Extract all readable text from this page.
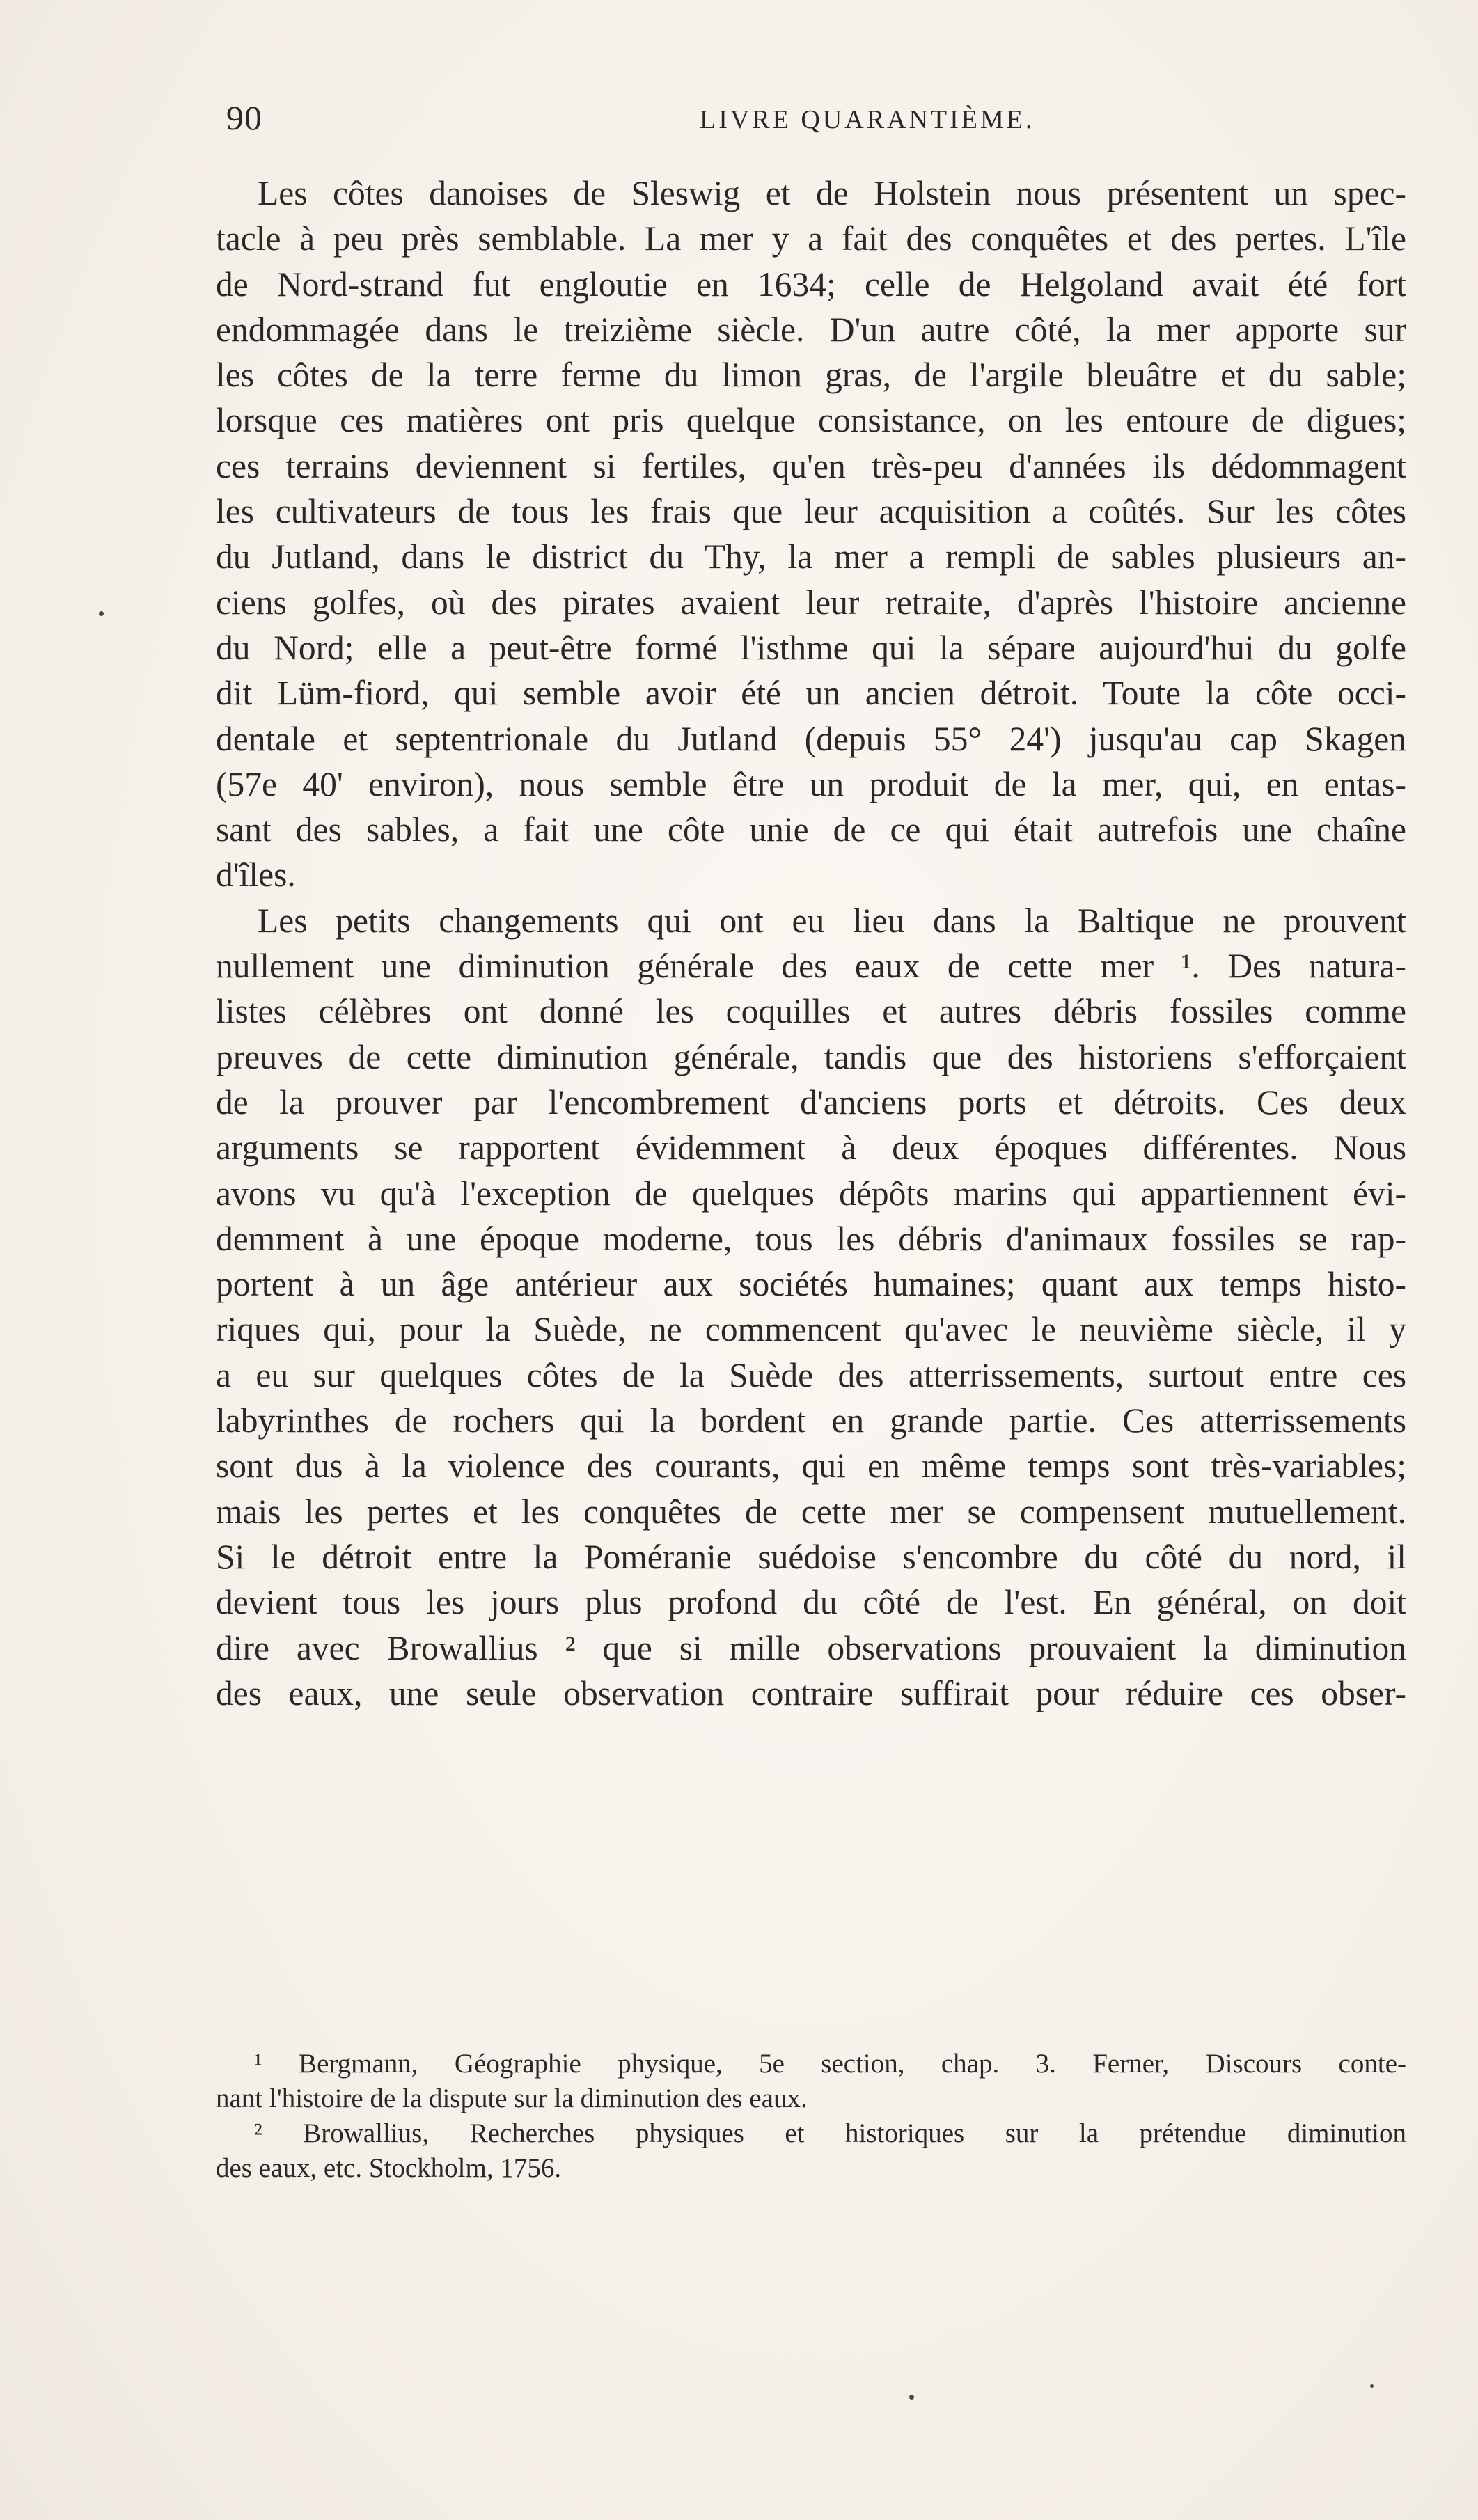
90	LIVRE QUARANTIÈME.
Les côtes danoises de Sleswig et de Holstein nous présentent un spec-
tacle à peu près semblable. La mer y a fait des conquêtes et des pertes. L'île
de Nord-strand fut engloutie en 1634; celle de Helgoland avait été fort
endommagée dans le treizième siècle. D'un autre côté, la mer apporte sur
les côtes de la terre ferme du limon gras, de l'argile bleuâtre et du sable;
lorsque ces matières ont pris quelque consistance, on les entoure de digues;
ces terrains deviennent si fertiles, qu'en très-peu d'années ils dédommagent
les cultivateurs de tous les frais que leur acquisition a coûtés. Sur les côtes
du Jutland, dans le district du Thy, la mer a rempli de sables plusieurs an-
ciens golfes, où des pirates avaient leur retraite, d'après l'histoire ancienne
du Nord; elle a peut-être formé l'isthme qui la sépare aujourd'hui du golfe
dit Lüm-fiord, qui semble avoir été un ancien détroit. Toute la côte occi-
dentale et septentrionale du Jutland (depuis 55° 24') jusqu'au cap Skagen
(57e 40' environ), nous semble être un produit de la mer, qui, en entas-
sant des sables, a fait une côte unie de ce qui était autrefois une chaîne
d'îles.
Les petits changements qui ont eu lieu dans la Baltique ne prouvent
nullement une diminution générale des eaux de cette mer ¹. Des natura-
listes célèbres ont donné les coquilles et autres débris fossiles comme
preuves de cette diminution générale, tandis que des historiens s'efforçaient
de la prouver par l'encombrement d'anciens ports et détroits. Ces deux
arguments se rapportent évidemment à deux époques différentes. Nous
avons vu qu'à l'exception de quelques dépôts marins qui appartiennent évi-
demment à une époque moderne, tous les débris d'animaux fossiles se rap-
portent à un âge antérieur aux sociétés humaines; quant aux temps histo-
riques qui, pour la Suède, ne commencent qu'avec le neuvième siècle, il y
a eu sur quelques côtes de la Suède des atterrissements, surtout entre ces
labyrinthes de rochers qui la bordent en grande partie. Ces atterrissements
sont dus à la violence des courants, qui en même temps sont très-variables;
mais les pertes et les conquêtes de cette mer se compensent mutuellement.
Si le détroit entre la Poméranie suédoise s'encombre du côté du nord, il
devient tous les jours plus profond du côté de l'est. En général, on doit
dire avec Browallius ² que si mille observations prouvaient la diminution
des eaux, une seule observation contraire suffirait pour réduire ces obser-
¹ Bergmann, Géographie physique, 5e section, chap. 3. Ferner, Discours conte-
nant l'histoire de la dispute sur la diminution des eaux.
² Browallius, Recherches physiques et historiques sur la prétendue diminution
des eaux, etc. Stockholm, 1756.
